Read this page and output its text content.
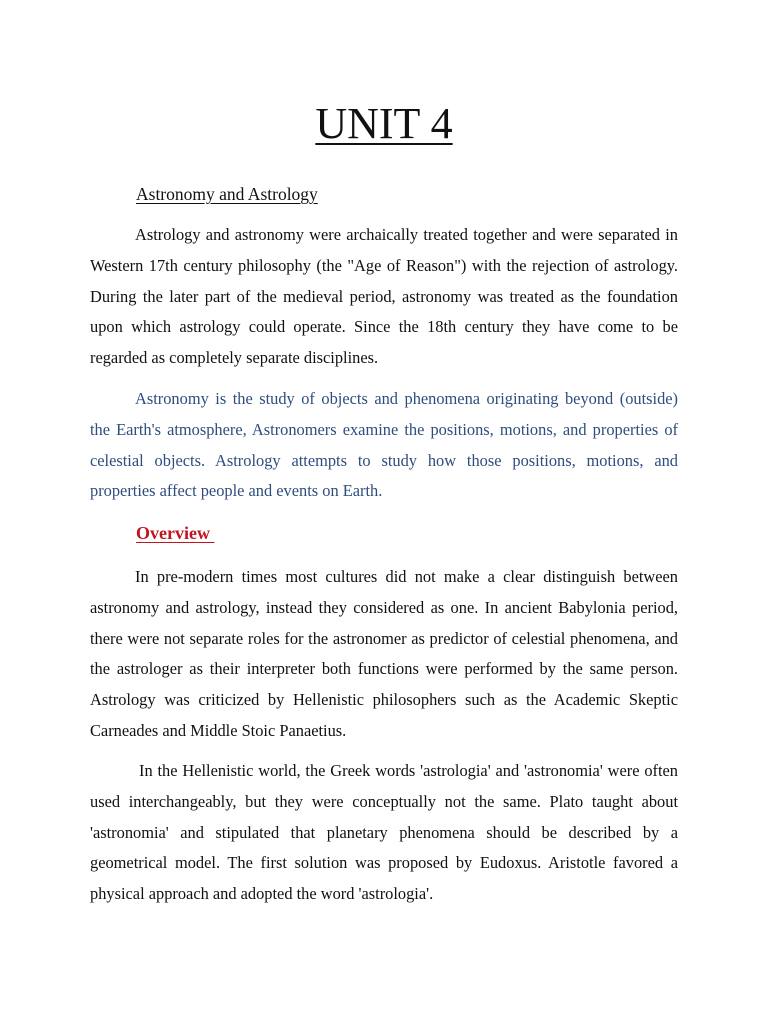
UNIT 4

Astronomy and Astrology

Astrology and astronomy were archaically treated together and were separated in Western 17th century philosophy (the "Age of Reason") with the rejection of astrology. During the later part of the medieval period, astronomy was treated as the foundation upon which astrology could operate. Since the 18th century they have come to be regarded as completely separate disciplines.

Astronomy is the study of objects and phenomena originating beyond (outside) the Earth's atmosphere, Astronomers examine the positions, motions, and properties of celestial objects. Astrology attempts to study how those positions, motions, and properties affect people and events on Earth.

Overview

In pre-modern times most cultures did not make a clear distinguish between astronomy and astrology, instead they considered as one. In ancient Babylonia period, there were not separate roles for the astronomer as predictor of celestial phenomena, and the astrologer as their interpreter both functions were performed by the same person. Astrology was criticized by Hellenistic philosophers such as the Academic Skeptic Carneades and Middle Stoic Panaetius.

In the Hellenistic world, the Greek words 'astrologia' and 'astronomia' were often used interchangeably, but they were conceptually not the same. Plato taught about 'astronomia' and stipulated that planetary phenomena should be described by a geometrical model. The first solution was proposed by Eudoxus. Aristotle favored a physical approach and adopted the word 'astrologia'.
